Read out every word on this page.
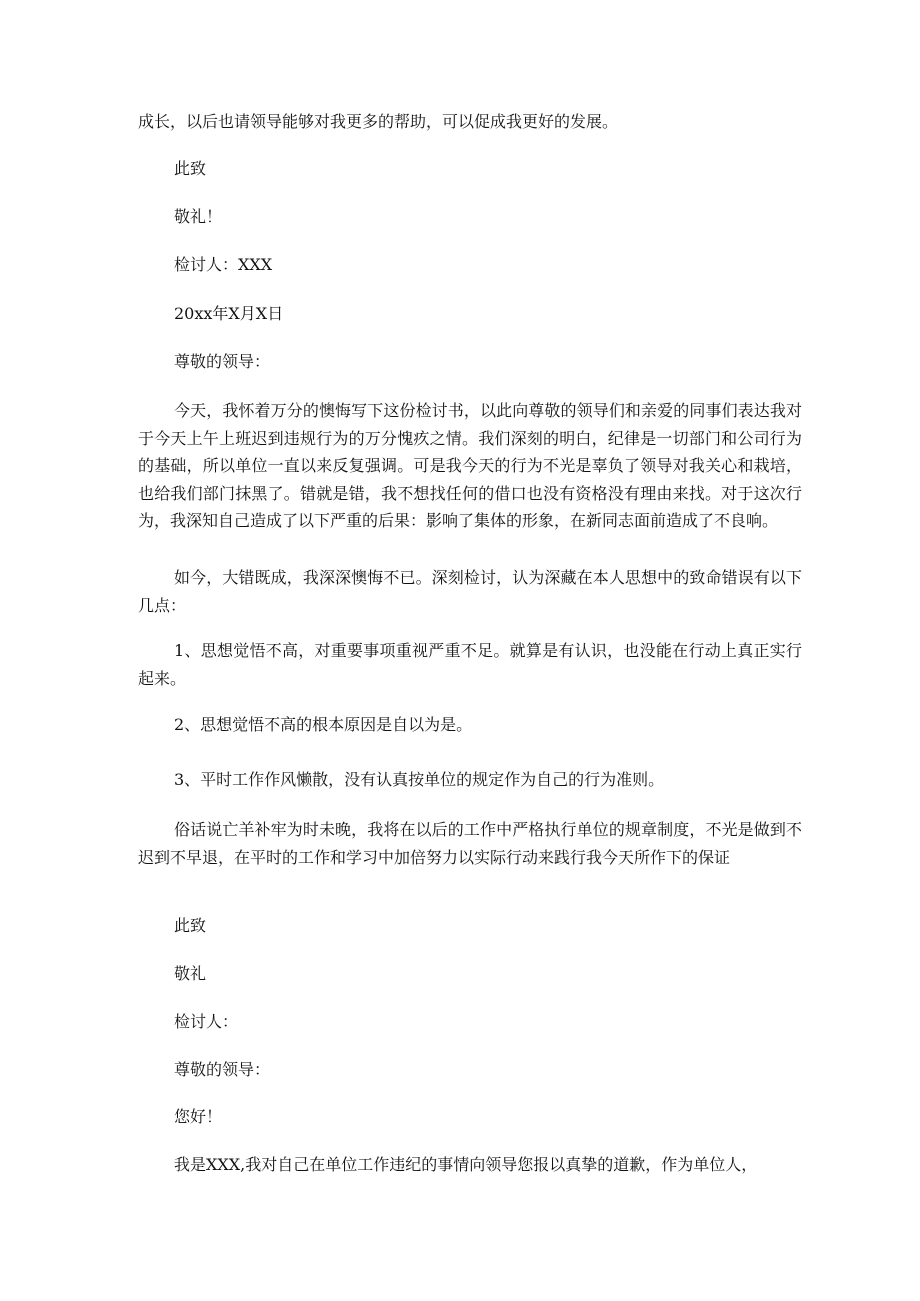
成长，以后也请领导能够对我更多的帮助，可以促成我更好的发展。

此致

敬礼！

检讨人：XXX

20xx年X月X日

尊敬的领导：

今天，我怀着万分的懊悔写下这份检讨书，以此向尊敬的领导们和亲爱的同事们表达我对于今天上午上班迟到违规行为的万分愧疚之情。我们深刻的明白，纪律是一切部门和公司行为的基础，所以单位一直以来反复强调。可是我今天的行为不光是辜负了领导对我关心和栽培，也给我们部门抹黑了。错就是错，我不想找任何的借口也没有资格没有理由来找。对于这次行为，我深知自己造成了以下严重的后果：影响了集体的形象，在新同志面前造成了不良响。

如今，大错既成，我深深懊悔不已。深刻检讨，认为深藏在本人思想中的致命错误有以下几点：

1、思想觉悟不高，对重要事项重视严重不足。就算是有认识，也没能在行动上真正实行起来。

2、思想觉悟不高的根本原因是自以为是。

3、平时工作作风懒散，没有认真按单位的规定作为自己的行为准则。

俗话说亡羊补牢为时未晚，我将在以后的工作中严格执行单位的规章制度，不光是做到不迟到不早退，在平时的工作和学习中加倍努力以实际行动来践行我今天所作下的保证

此致

敬礼

检讨人：

尊敬的领导：

您好！

我是XXX,我对自己在单位工作违纪的事情向领导您报以真挚的道歉，作为单位人，
